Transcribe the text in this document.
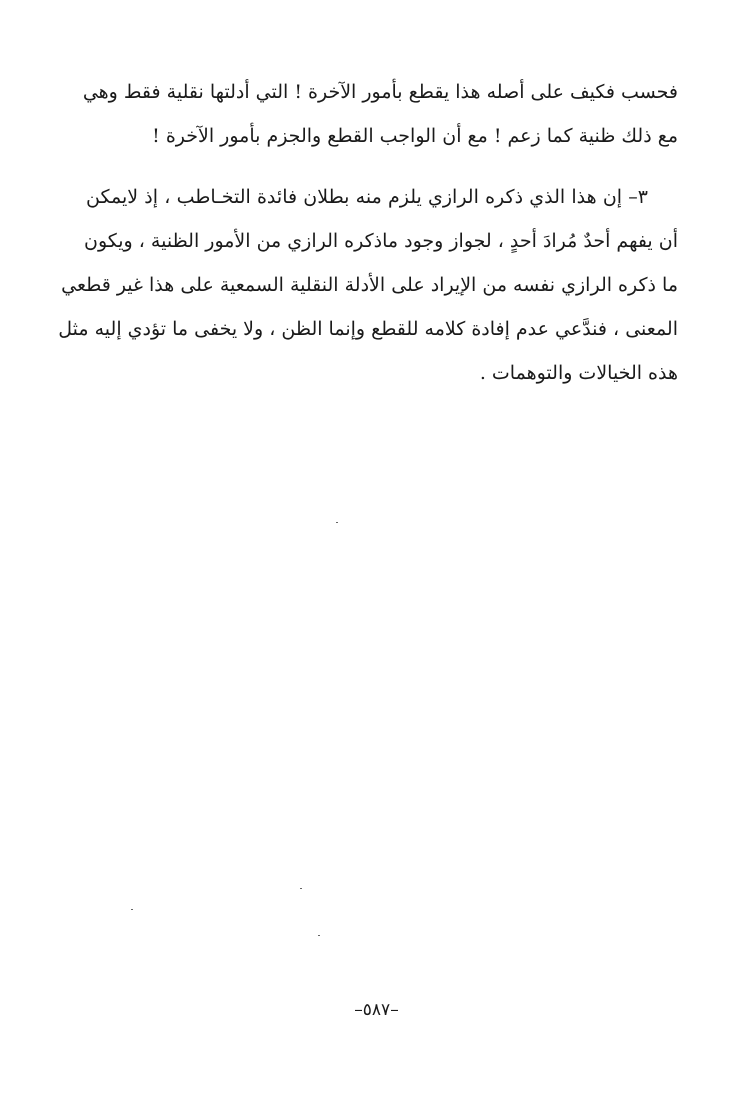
فحسب فكيف على أصله هذا يقطع بأمور الآخرة ! التي أدلتها نقلية فقط وهي
مع ذلك ظنية كما زعم ! مع أن الواجب القطع والجزم بأمور الآخرة !
٣– إن هذا الذي ذكره الرازي يلزم منه بطلان فائدة التخـاطب ، إذ لايمكن
أن يفهم أحدٌ مُرادَ أحدٍ ، لجواز وجود ماذكره الرازي من الأمور الظنية ، ويكون
ما ذكره الرازي نفسه من الإيراد على الأدلة النقلية السمعية على هذا غير قطعي
المعنى ، فندَّعي عدم إفادة كلامه للقطع وإنما الظن ، ولا يخفى ما تؤدي إليه مثل
هذه الخيالات والتوهمات .
–٥٨٧–
